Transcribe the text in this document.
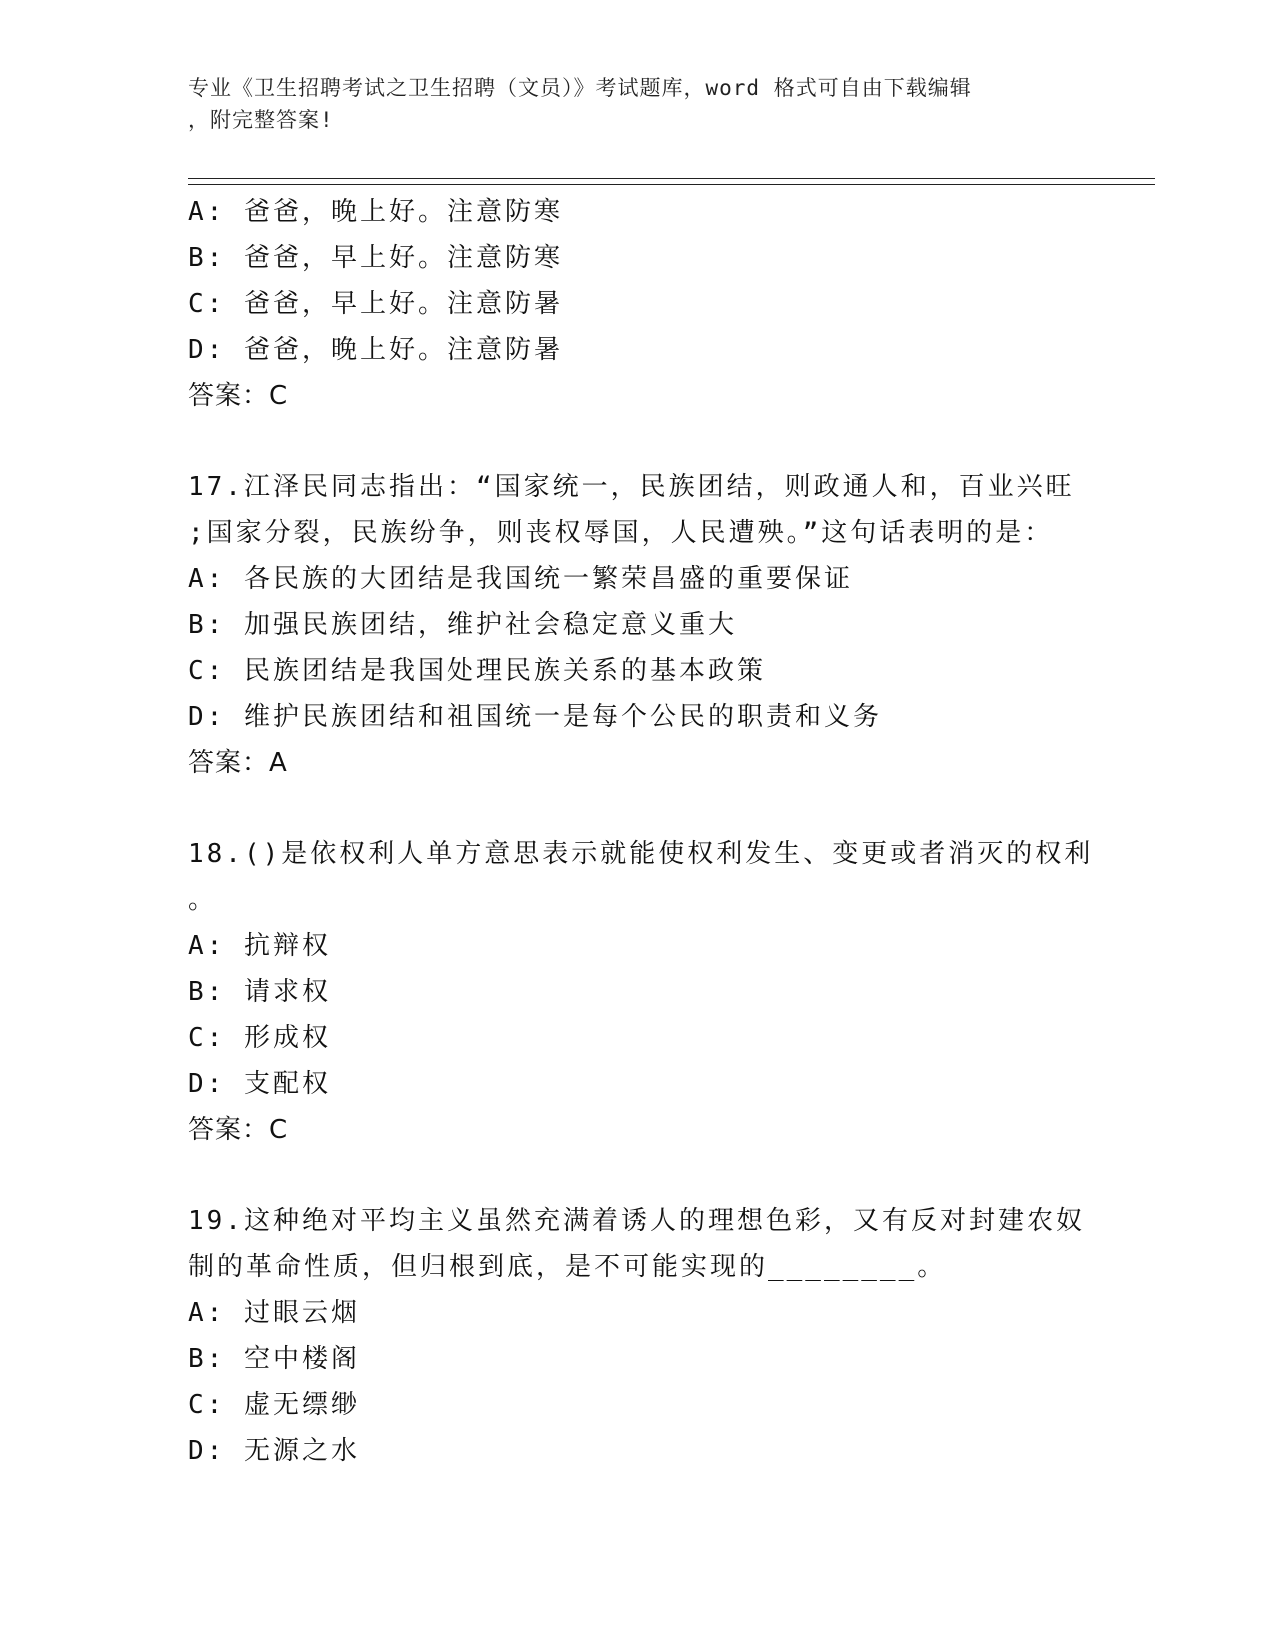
专业《卫生招聘考试之卫生招聘（文员）》考试题库，word 格式可自由下载编辑
，附完整答案!
A: 爸爸，晚上好。注意防寒
B: 爸爸，早上好。注意防寒
C: 爸爸，早上好。注意防暑
D: 爸爸，晚上好。注意防暑
答案：C
17.江泽民同志指出：“国家统一，民族团结，则政通人和，百业兴旺
;国家分裂，民族纷争，则丧权辱国，人民遭殃。”这句话表明的是：
A: 各民族的大团结是我国统一繁荣昌盛的重要保证
B: 加强民族团结，维护社会稳定意义重大
C: 民族团结是我国处理民族关系的基本政策
D: 维护民族团结和祖国统一是每个公民的职责和义务
答案：A
18.()是依权利人单方意思表示就能使权利发生、变更或者消灭的权利
。
A: 抗辩权
B: 请求权
C: 形成权
D: 支配权
答案：C
19.这种绝对平均主义虽然充满着诱人的理想色彩，又有反对封建农奴
制的革命性质，但归根到底，是不可能实现的________。
A: 过眼云烟
B: 空中楼阁
C: 虚无缥缈
D: 无源之水
